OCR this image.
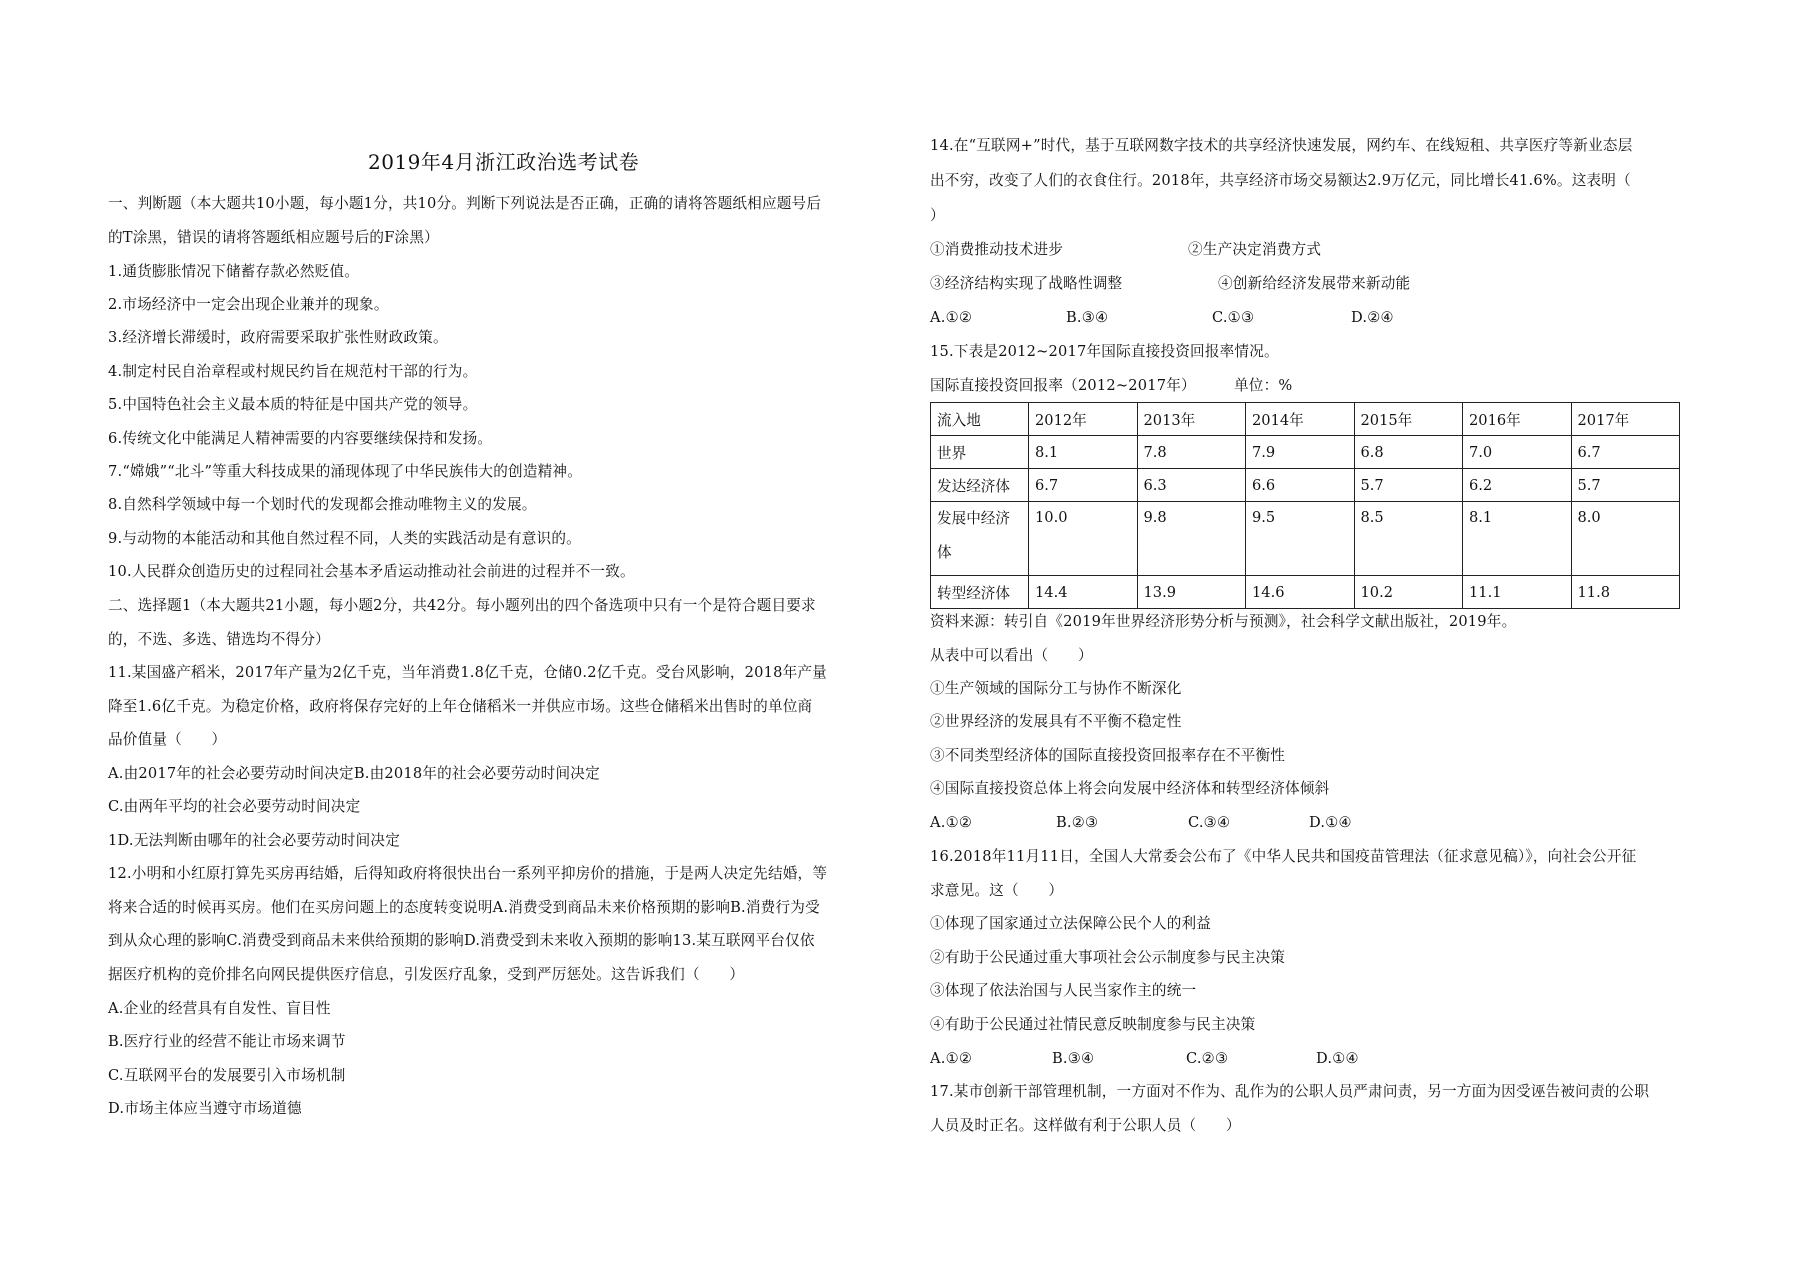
2019年4月浙江政治选考试卷
一、判断题（本大题共10小题，每小题1分，共10分。判断下列说法是否正确，正确的请将答题纸相应题号后
的T涂黑，错误的请将答题纸相应题号后的F涂黑）
1.通货膨胀情况下储蓄存款必然贬值。
2.市场经济中一定会出现企业兼并的现象。
3.经济增长滞缓时，政府需要采取扩张性财政政策。
4.制定村民自治章程或村规民约旨在规范村干部的行为。
5.中国特色社会主义最本质的特征是中国共产党的领导。
6.传统文化中能满足人精神需要的内容要继续保持和发扬。
7.“嫦娥”“北斗”等重大科技成果的涌现体现了中华民族伟大的创造精神。
8.自然科学领域中每一个划时代的发现都会推动唯物主义的发展。
9.与动物的本能活动和其他自然过程不同，人类的实践活动是有意识的。
10.人民群众创造历史的过程同社会基本矛盾运动推动社会前进的过程并不一致。
二、选择题1（本大题共21小题，每小题2分，共42分。每小题列出的四个备选项中只有一个是符合题目要求
的，不选、多选、错选均不得分）
11.某国盛产稻米，2017年产量为2亿千克，当年消费1.8亿千克，仓储0.2亿千克。受台风影响，2018年产量
降至1.6亿千克。为稳定价格，政府将保存完好的上年仓储稻米一并供应市场。这些仓储稻米出售时的单位商
品价值量（　　）
A.由2017年的社会必要劳动时间决定B.由2018年的社会必要劳动时间决定
C.由两年平均的社会必要劳动时间决定
1D.无法判断由哪年的社会必要劳动时间决定
12.小明和小红原打算先买房再结婚，后得知政府将很快出台一系列平抑房价的措施，于是两人决定先结婚，等
将来合适的时候再买房。他们在买房问题上的态度转变说明A.消费受到商品未来价格预期的影响B.消费行为受
到从众心理的影响C.消费受到商品未来供给预期的影响D.消费受到未来收入预期的影响13.某互联网平台仅依
据医疗机构的竞价排名向网民提供医疗信息，引发医疗乱象，受到严厉惩处。这告诉我们（　　）
A.企业的经营具有自发性、盲目性
B.医疗行业的经营不能让市场来调节
C.互联网平台的发展要引入市场机制
D.市场主体应当遵守市场道德
14.在“互联网+”时代，基于互联网数字技术的共享经济快速发展，网约车、在线短租、共享医疗等新业态层
出不穷，改变了人们的衣食住行。2018年，共享经济市场交易额达2.9万亿元，同比增长41.6%。这表明（
）
①消费推动技术进步	②生产决定消费方式
③经济结构实现了战略性调整	④创新给经济发展带来新动能
A.①②	B.③④	C.①③	D.②④
15.下表是2012~2017年国际直接投资回报率情况。
国际直接投资回报率（2012~2017年）	单位：%
流入地	2012年	2013年	2014年	2015年	2016年	2017年
世界	8.1	7.8	7.9	6.8	7.0	6.7
发达经济体	6.7	6.3	6.6	5.7	6.2	5.7
发展中经济体	10.0	9.8	9.5	8.5	8.1	8.0
转型经济体	14.4	13.9	14.6	10.2	11.1	11.8
资料来源：转引自《2019年世界经济形势分析与预测》，社会科学文献出版社，2019年。
从表中可以看出（　　）
①生产领域的国际分工与协作不断深化
②世界经济的发展具有不平衡不稳定性
③不同类型经济体的国际直接投资回报率存在不平衡性
④国际直接投资总体上将会向发展中经济体和转型经济体倾斜
A.①②	B.②③	C.③④	D.①④
16.2018年11月11日，全国人大常委会公布了《中华人民共和国疫苗管理法（征求意见稿）》，向社会公开征
求意见。这（　　）
①体现了国家通过立法保障公民个人的利益
②有助于公民通过重大事项社会公示制度参与民主决策
③体现了依法治国与人民当家作主的统一
④有助于公民通过社情民意反映制度参与民主决策
A.①②	B.③④	C.②③	D.①④
17.某市创新干部管理机制，一方面对不作为、乱作为的公职人员严肃问责，另一方面为因受诬告被问责的公职
人员及时正名。这样做有利于公职人员（　　）
